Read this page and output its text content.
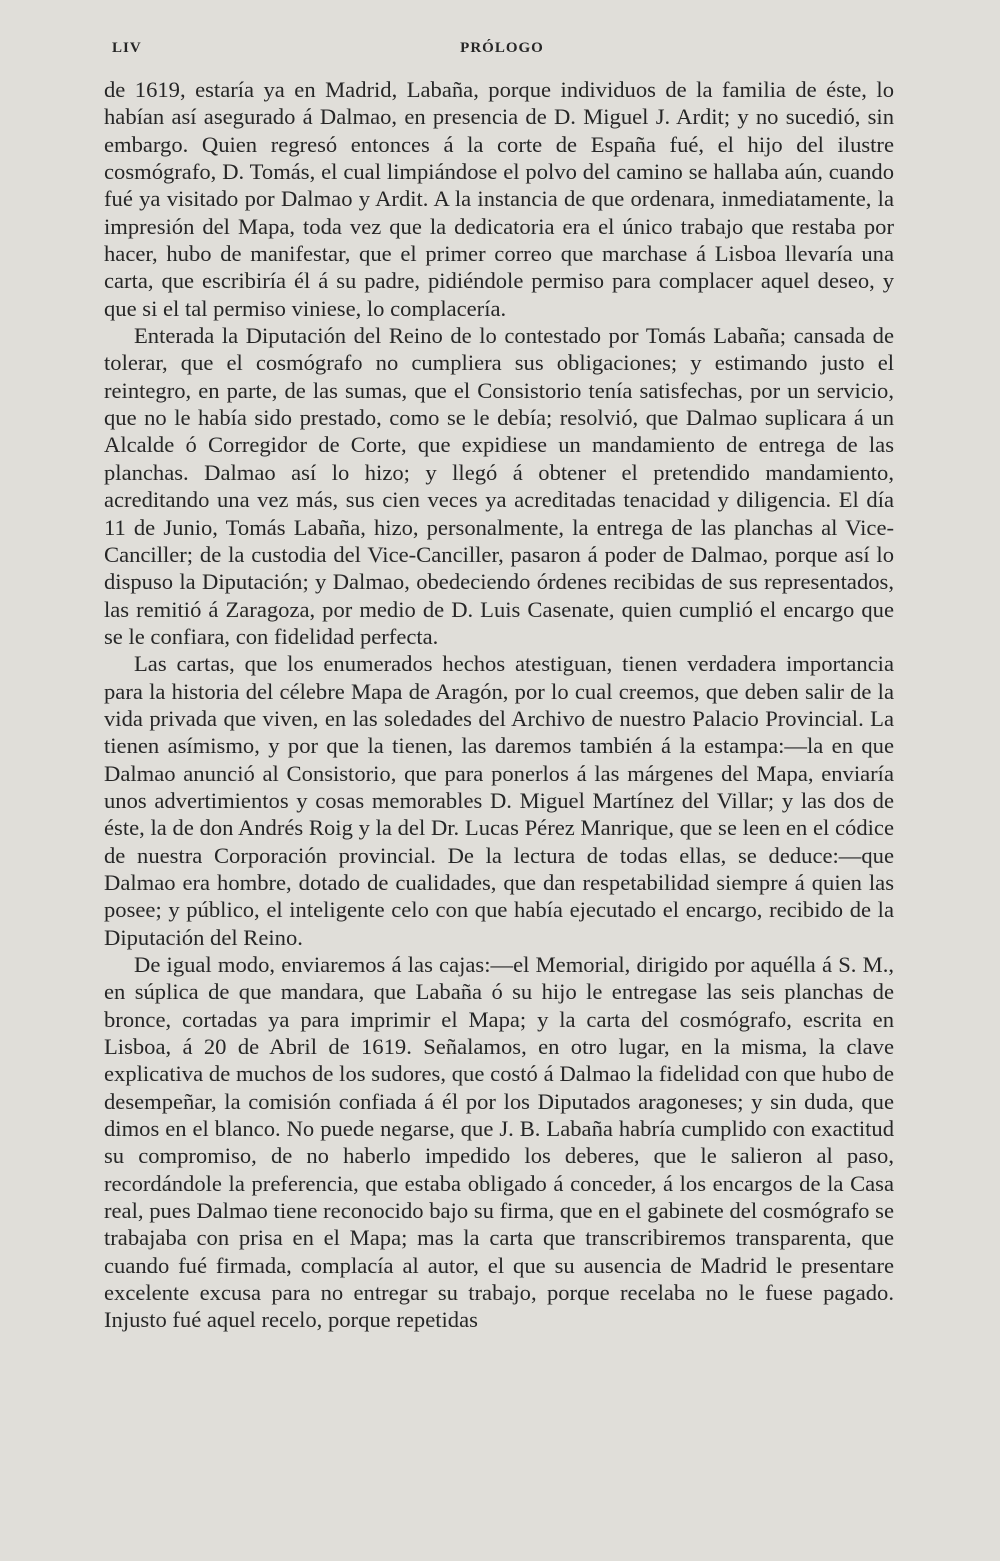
LIV	PRÓLOGO

de 1619, estaría ya en Madrid, Labaña, porque individuos de la familia de éste, lo habían así asegurado á Dalmao, en presencia de D. Miguel J. Ardit; y no sucedió, sin embargo. Quien regresó entonces á la corte de España fué, el hijo del ilustre cosmógrafo, D. Tomás, el cual limpiándose el polvo del camino se hallaba aún, cuando fué ya visitado por Dalmao y Ardit. A la instancia de que ordenara, inmediatamente, la impresión del Mapa, toda vez que la dedicatoria era el único trabajo que restaba por hacer, hubo de manifestar, que el primer correo que marchase á Lisboa llevaría una carta, que escribiría él á su padre, pidiéndole permiso para complacer aquel deseo, y que si el tal permiso viniese, lo complacería.

Enterada la Diputación del Reino de lo contestado por Tomás Labaña; cansada de tolerar, que el cosmógrafo no cumpliera sus obligaciones; y estimando justo el reintegro, en parte, de las sumas, que el Consistorio tenía satisfechas, por un servicio, que no le había sido prestado, como se le debía; resolvió, que Dalmao suplicara á un Alcalde ó Corregidor de Corte, que expidiese un mandamiento de entrega de las planchas. Dalmao así lo hizo; y llegó á obtener el pretendido mandamiento, acreditando una vez más, sus cien veces ya acreditadas tenacidad y diligencia. El día 11 de Junio, Tomás Labaña, hizo, personalmente, la entrega de las planchas al Vice-Canciller; de la custodia del Vice-Canciller, pasaron á poder de Dalmao, porque así lo dispuso la Diputación; y Dalmao, obedeciendo órdenes recibidas de sus representados, las remitió á Zaragoza, por medio de D. Luis Casenate, quien cumplió el encargo que se le confiara, con fidelidad perfecta.

Las cartas, que los enumerados hechos atestiguan, tienen verdadera importancia para la historia del célebre Mapa de Aragón, por lo cual creemos, que deben salir de la vida privada que viven, en las soledades del Archivo de nuestro Palacio Provincial. La tienen asímismo, y por que la tienen, las daremos también á la estampa:—la en que Dalmao anunció al Consistorio, que para ponerlos á las márgenes del Mapa, enviaría unos advertimientos y cosas memorables D. Miguel Martínez del Villar; y las dos de éste, la de don Andrés Roig y la del Dr. Lucas Pérez Manrique, que se leen en el códice de nuestra Corporación provincial. De la lectura de todas ellas, se deduce:—que Dalmao era hombre, dotado de cualidades, que dan respetabilidad siempre á quien las posee; y público, el inteligente celo con que había ejecutado el encargo, recibido de la Diputación del Reino.

De igual modo, enviaremos á las cajas:—el Memorial, dirigido por aquélla á S. M., en súplica de que mandara, que Labaña ó su hijo le entregase las seis planchas de bronce, cortadas ya para imprimir el Mapa; y la carta del cosmógrafo, escrita en Lisboa, á 20 de Abril de 1619. Señalamos, en otro lugar, en la misma, la clave explicativa de muchos de los sudores, que costó á Dalmao la fidelidad con que hubo de desempeñar, la comisión confiada á él por los Diputados aragoneses; y sin duda, que dimos en el blanco. No puede negarse, que J. B. Labaña habría cumplido con exactitud su compromiso, de no haberlo impedido los deberes, que le salieron al paso, recordándole la preferencia, que estaba obligado á conceder, á los encargos de la Casa real, pues Dalmao tiene reconocido bajo su firma, que en el gabinete del cosmógrafo se trabajaba con prisa en el Mapa; mas la carta que transcribiremos transparenta, que cuando fué firmada, complacía al autor, el que su ausencia de Madrid le presentare excelente excusa para no entregar su trabajo, porque recelaba no le fuese pagado. Injusto fué aquel recelo, porque repetidas
